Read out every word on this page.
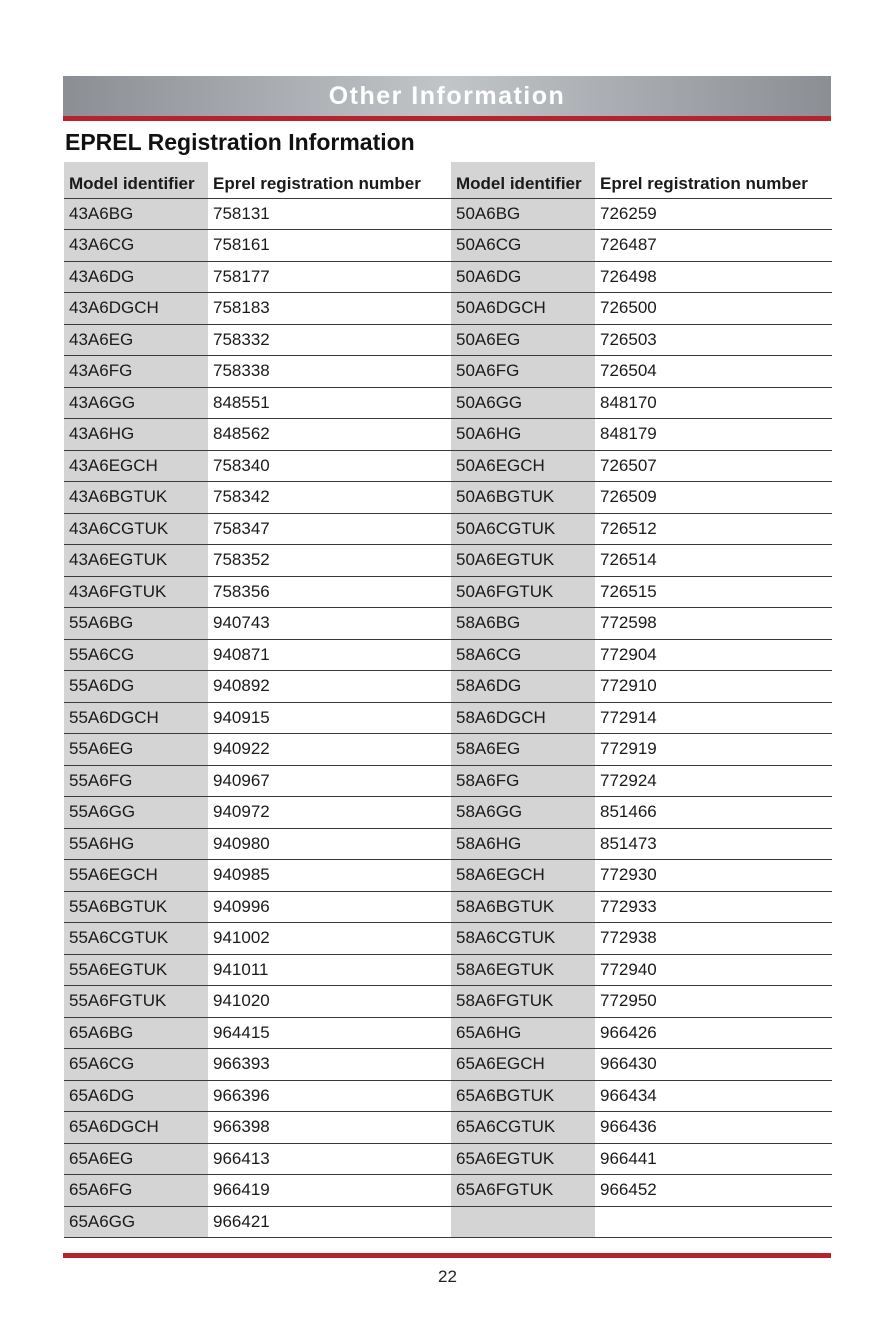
Other Information
EPREL Registration Information
Model identifier	Eprel registration number	Model identifier	Eprel registration number
43A6BG	758131	50A6BG	726259
43A6CG	758161	50A6CG	726487
43A6DG	758177	50A6DG	726498
43A6DGCH	758183	50A6DGCH	726500
43A6EG	758332	50A6EG	726503
43A6FG	758338	50A6FG	726504
43A6GG	848551	50A6GG	848170
43A6HG	848562	50A6HG	848179
43A6EGCH	758340	50A6EGCH	726507
43A6BGTUK	758342	50A6BGTUK	726509
43A6CGTUK	758347	50A6CGTUK	726512
43A6EGTUK	758352	50A6EGTUK	726514
43A6FGTUK	758356	50A6FGTUK	726515
55A6BG	940743	58A6BG	772598
55A6CG	940871	58A6CG	772904
55A6DG	940892	58A6DG	772910
55A6DGCH	940915	58A6DGCH	772914
55A6EG	940922	58A6EG	772919
55A6FG	940967	58A6FG	772924
55A6GG	940972	58A6GG	851466
55A6HG	940980	58A6HG	851473
55A6EGCH	940985	58A6EGCH	772930
55A6BGTUK	940996	58A6BGTUK	772933
55A6CGTUK	941002	58A6CGTUK	772938
55A6EGTUK	941011	58A6EGTUK	772940
55A6FGTUK	941020	58A6FGTUK	772950
65A6BG	964415	65A6HG	966426
65A6CG	966393	65A6EGCH	966430
65A6DG	966396	65A6BGTUK	966434
65A6DGCH	966398	65A6CGTUK	966436
65A6EG	966413	65A6EGTUK	966441
65A6FG	966419	65A6FGTUK	966452
65A6GG	966421		
22
